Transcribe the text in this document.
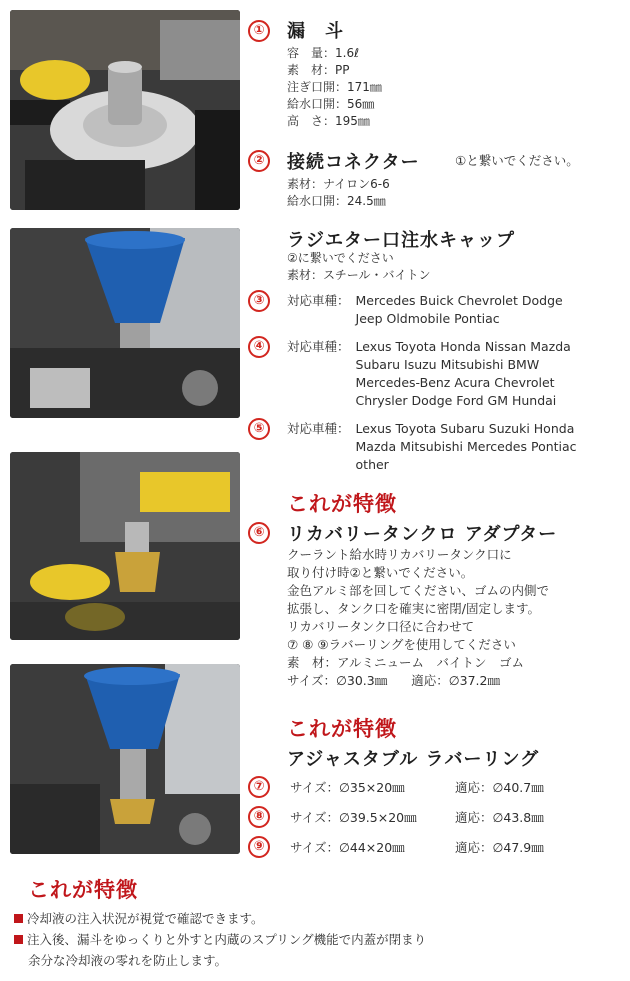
①	漏　斗
容　量：1.6ℓ
素　材：PP
注ぎ口開：171㎜
給水口開：56㎜
高　さ：195㎜
②	接続コネクター	①と繋いでください。
素材：ナイロン6-6
給水口開：24.5㎜
ラジエター口注水キャップ
②に繋いでください
素材：スチール・バイトン
③	対応車種： Mercedes Buick Chevrolet Dodge
Jeep Oldmobile Pontiac
④	対応車種： Lexus Toyota Honda Nissan Mazda
Subaru Isuzu Mitsubishi BMW
Mercedes-Benz Acura Chevrolet
Chrysler Dodge Ford GM Hundai
⑤	対応車種： Lexus Toyota Subaru Suzuki Honda
Mazda Mitsubishi Mercedes Pontiac
other
これが特徴
⑥	リカバリータンクロ アダプター
クーラント給水時リカバリータンク口に
取り付け時②と繋いでください。
金色アルミ部を回してください、ゴムの内側で
拡張し、タンク口を確実に密閉/固定します。
リカバリータンク口径に合わせて
⑦ ⑧ ⑨ラバーリングを使用してください
素　材：アルミニューム　バイトン　ゴム
サイズ：∅30.3㎜ 適応：∅37.2㎜
これが特徴
アジャスタブル ラバーリング
⑦	サイズ：∅35×20㎜	適応：∅40.7㎜
⑧	サイズ：∅39.5×20㎜	適応：∅43.8㎜
⑨	サイズ：∅44×20㎜	適応：∅47.9㎜
これが特徴
冷却液の注入状況が視覚で確認できます。
注入後、漏斗をゆっくりと外すと内蔵のスプリング機能で内蓋が閉まり
余分な冷却液の零れを防止します。
